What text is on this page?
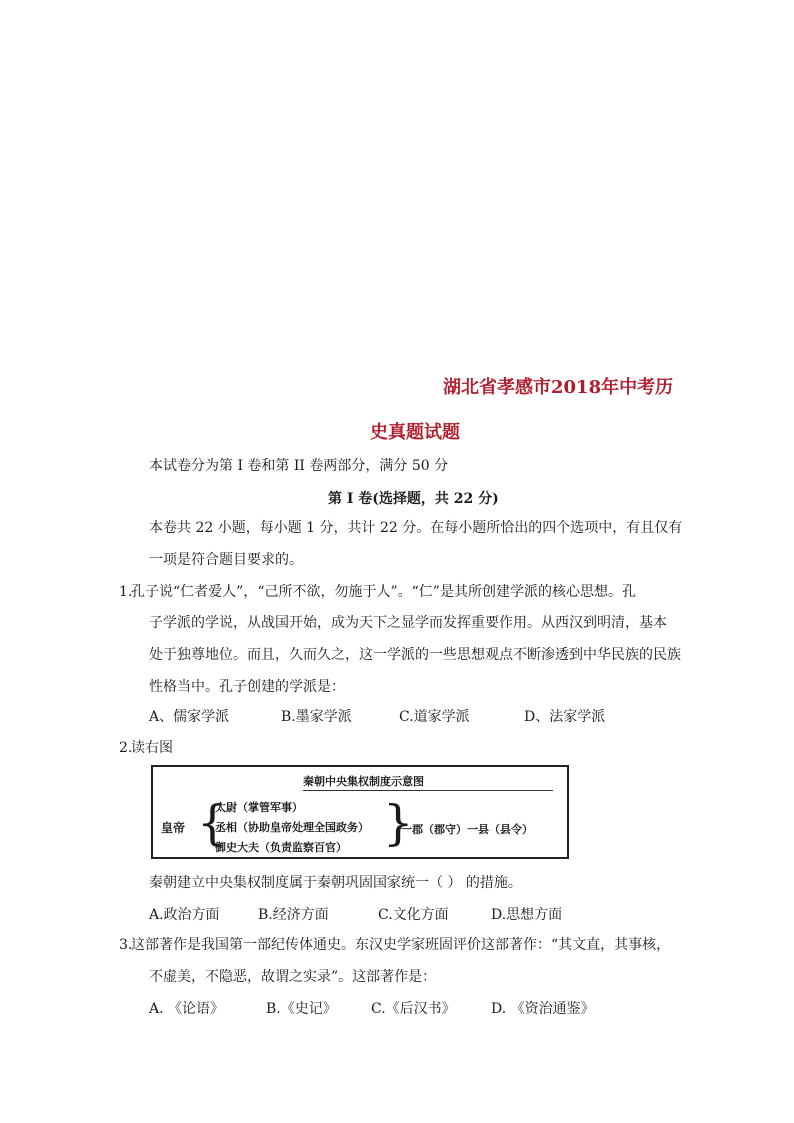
湖北省孝感市2018年中考历
史真题试题
本试卷分为第 I 卷和第 II 卷两部分，满分 50 分
第 I 卷(选择题，共 22 分)
本卷共 22 小题，每小题 1 分，共计 22 分。在每小题所恰出的四个选项中，有且仅有
一项是符合题目要求的。
1.
孔子说“仁者爱人”，“己所不欲，勿施于人”。“仁”是其所创建学派的核心思想。孔
子学派的学说，从战国开始，成为天下之显学而发挥重要作用。从西汉到明清，基本
处于独尊地位。而且，久而久之，这一学派的一些思想观点不断渗透到中华民族的民族
性格当中。孔子创建的学派是：
A、儒家学派	B.墨家学派	C.道家学派	D、法家学派
2.
读右图
秦朝中央集权制度示意图
皇帝 {
太尉（掌管军事）
丞相（协助皇帝处理全国政务）
御史大夫（负责监察百官） }
一郡（郡守）一县（县令）
秦朝建立中央集权制度属于秦朝巩固国家统一（ ） 的措施。
A.政治方面	B.经济方面	C.文化方面	D.思想方面
3.
这部著作是我国第一部纪传体通史。东汉史学家班固评价这部著作：“其文直，其事核，
不虚美，不隐恶，故谓之实录”。这部著作是：
A. 《论语》	B.《史记》 C.《后汉书》	D. 《资治通鉴》
